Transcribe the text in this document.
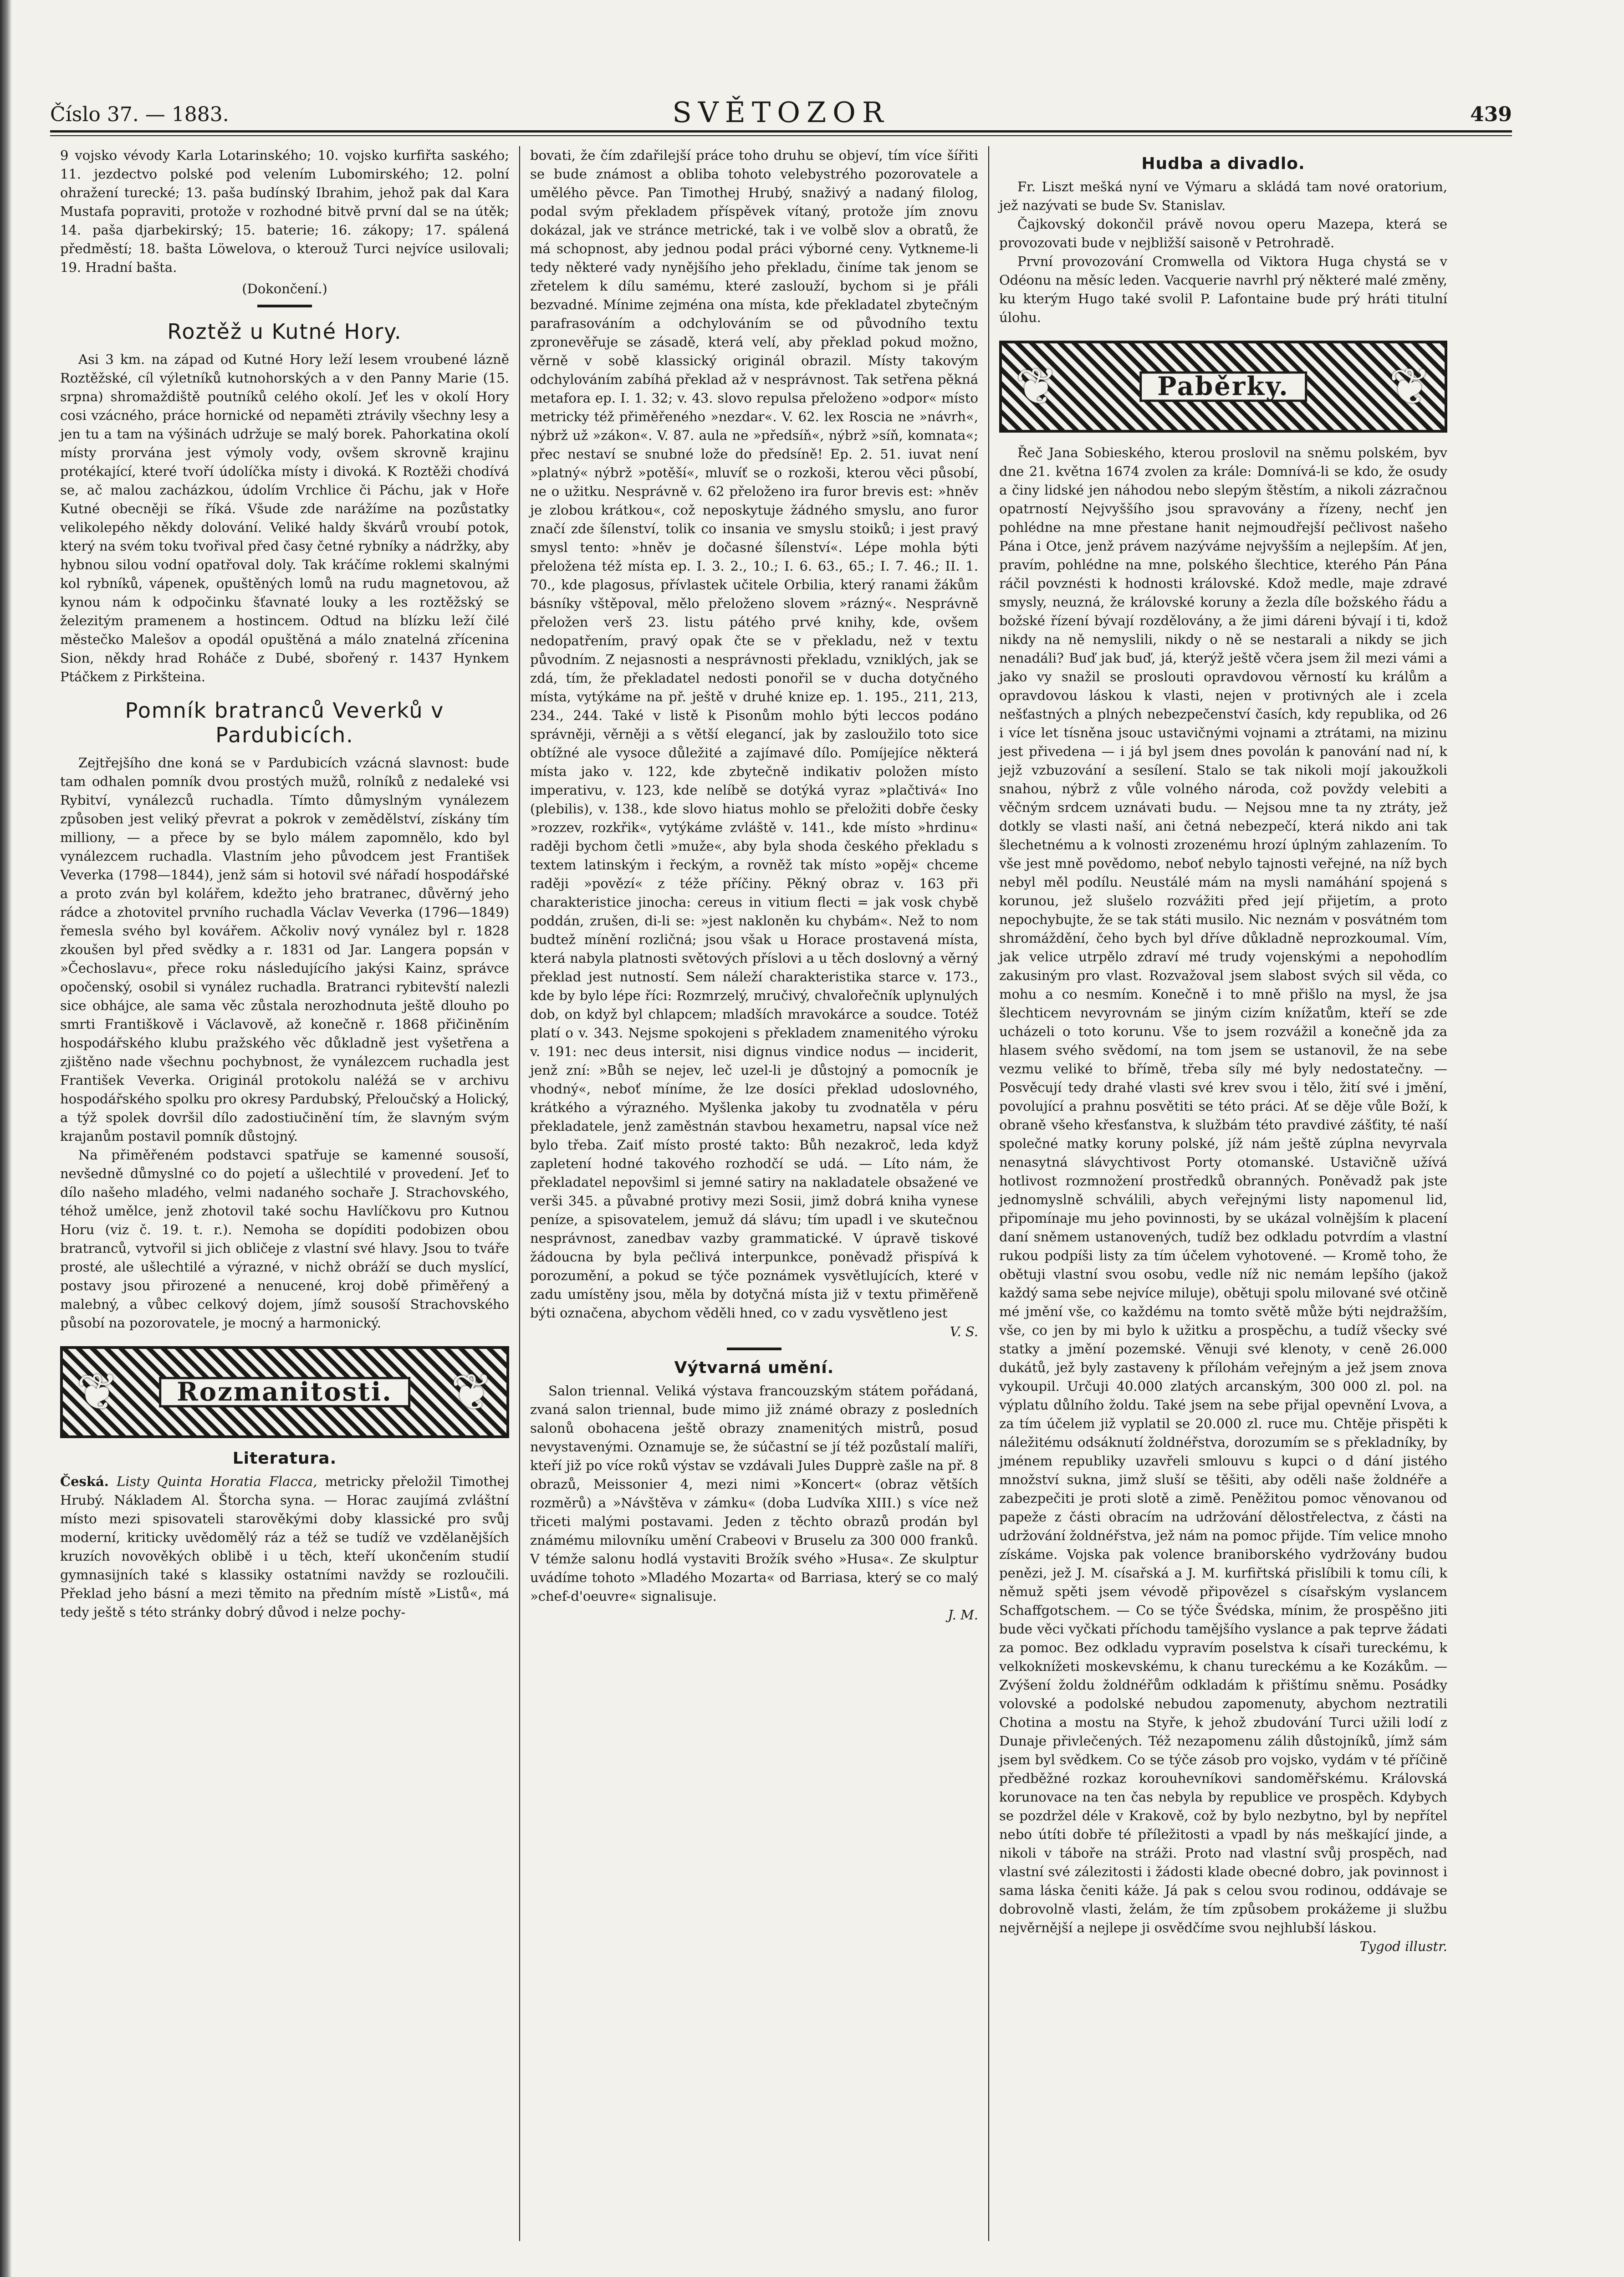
Číslo 37. — 1883.	SVĚTOZOR	439

9 vojsko vévody Karla Lotarinského; 10. vojsko kurfiřta saského; 11. jezdectvo polské pod velením Lubomirského; 12. polní ohražení turecké; 13. paša budínský Ibrahim, jehož pak dal Kara Mustafa popraviti, protože v rozhodné bitvě první dal se na útěk; 14. paša djarbekirský; 15. baterie; 16. zákopy; 17. spálená předměstí; 18. bašta Löwelova, o kterouž Turci nejvíce usilovali; 19. Hradní bašta.

(Dokončení.)
Roztěž u Kutné Hory.

Asi 3 km. na západ od Kutné Hory leží lesem vroubené lázně Roztěžské, cíl výletníků kutnohorských a v den Panny Marie (15. srpna) shromaždiště poutníků celého okolí. Jeť les v okolí Hory cosi vzácného, práce hornické od nepaměti ztrávily všechny lesy a jen tu a tam na výšinách udržuje se malý borek. Pahorkatina okolí místy prorvána jest výmoly vody, ovšem skrovně krajinu protékající, které tvoří údolíčka místy i divoká. K Roztěži chodívá se, ač malou zacházkou, údolím Vrchlice či Páchu, jak v Hoře Kutné obecněji se říká. Všude zde narážíme na pozůstatky velikolepého někdy dolování. Veliké haldy škvárů vroubí potok, který na svém toku tvořival před časy četné rybníky a nádržky, aby hybnou silou vodní opatřoval doly. Tak kráčíme roklemi skalnými kol rybníků, vápenek, opuštěných lomů na rudu magnetovou, až kynou nám k odpočinku šťavnaté louky a les roztěžský se železitým pramenem a hostincem. Odtud na blízku leží čilé městečko Malešov a opodál opuštěná a málo znatelná zřícenina Sion, někdy hrad Roháče z Dubé, sbořený r. 1437 Hynkem Ptáčkem z Pirkšteina.

Pomník bratranců Veverků v Pardubicích.

Zejtřejšího dne koná se v Pardubicích vzácná slavnost: bude tam odhalen pomník dvou prostých mužů, rolníků z nedaleké vsi Rybitví, vynálezců ruchadla. Tímto důmyslným vynálezem způsoben jest veliký převrat a pokrok v zemědělství, získány tím milliony, — a přece by se bylo málem zapomnělo, kdo byl vynálezcem ruchadla. Vlastním jeho původcem jest František Veverka (1798—1844), jenž sám si hotovil své nářadí hospodářské a proto zván byl kolářem, kdežto jeho bratranec, důvěrný jeho rádce a zhotovitel prvního ruchadla Václav Veverka (1796—1849) řemesla svého byl kovářem. Ačkoliv nový vynález byl r. 1828 zkoušen byl před svědky a r. 1831 od Jar. Langera popsán v »Čechoslavu«, přece roku následujícího jakýsi Kainz, správce opočenský, osobil si vynález ruchadla. Bratranci rybitevští nalezli sice obhájce, ale sama věc zůstala nerozhodnuta ještě dlouho po smrti Františkově i Václavově, až konečně r. 1868 přičiněním hospodářského klubu pražského věc důkladně jest vyšetřena a zjištěno nade všechnu pochybnost, že vynálezcem ruchadla jest František Veverka. Originál protokolu naléžá se v archivu hospodářského spolku pro okresy Pardubský, Přeloučský a Holický, a týž spolek dovršil dílo zadostiučinění tím, že slavným svým krajanům postavil pomník důstojný.

Na přiměřeném podstavci spatřuje se kamenné sousoší, nevšedně důmyslné co do pojetí a ušlechtilé v provedení. Jeť to dílo našeho mladého, velmi nadaného sochaře J. Strachovského, téhož umělce, jenž zhotovil také sochu Havlíčkovu pro Kutnou Horu (viz č. 19. t. r.). Nemoha se dopíditi podobizen obou bratranců, vytvořil si jich obličeje z vlastní své hlavy. Jsou to tváře prosté, ale ušlechtilé a výrazné, v nichž obráží se duch myslící, postavy jsou přirozené a nenucené, kroj době přiměřený a malebný, a vůbec celkový dojem, jímž sousoší Strachovského působí na pozorovatele, je mocný a harmonický.

❦	Rozmanitosti.	❦
Literatura.

Česká. Listy Quinta Horatia Flacca, metricky přeložil Timothej Hrubý. Nákladem Al. Štorcha syna. — Horac zaujímá zvláštní místo mezi spisovateli starověkými doby klassické pro svůj moderní, kriticky uvědomělý ráz a též se tudíž ve vzdělanějších kruzích novověkých oblibě i u těch, kteří ukončením studií gymnasijních také s klassiky ostatními navždy se rozloučili. Překlad jeho básní a mezi těmito na předním místě »Listů«, má tedy ještě s této stránky dobrý důvod i nelze pochy-

bovati, že čím zdařilejší práce toho druhu se objeví, tím více šířiti se bude známost a obliba tohoto velebystrého pozorovatele a umělého pěvce. Pan Timothej Hrubý, snaživý a nadaný filolog, podal svým překladem příspěvek vítaný, protože jím znovu dokázal, jak ve stránce metrické, tak i ve volbě slov a obratů, že má schopnost, aby jednou podal práci výborné ceny. Vytkneme-li tedy některé vady nynějšího jeho překladu, činíme tak jenom se zřetelem k dílu samému, které zaslouží, bychom si je přáli bezvadné. Mínime zejména ona místa, kde překladatel zbytečným parafrasováním a odchylováním se od původního textu zpronevěřuje se zásadě, která velí, aby překlad pokud možno, věrně v sobě klassický originál obrazil. Místy takovým odchylováním zabíhá překlad až v nesprávnost. Tak setřena pěkná metafora ep. I. 1. 32; v. 43. slovo repulsa přeloženo »odpor« místo metricky též přiměřeného »nezdar«. V. 62. lex Roscia ne »návrh«, nýbrž už »zákon«. V. 87. aula ne »předsíň«, nýbrž »síň, komnata«; přec nestaví se snubné lože do předsíně! Ep. 2. 51. iuvat není »platný« nýbrž »potěší«, mluvíť se o rozkoši, kterou věci působí, ne o užitku. Nesprávně v. 62 přeloženo ira furor brevis est: »hněv je zlobou krátkou«, což neposkytuje žádného smyslu, ano furor značí zde šílenství, tolik co insania ve smyslu stoiků; i jest pravý smysl tento: »hněv je dočasné šílenství«. Lépe mohla býti přeložena též místa ep. I. 3. 2., 10.; I. 6. 63., 65.; I. 7. 46.; II. 1. 70., kde plagosus, přívlastek učitele Orbilia, který ranami žákům básníky vštěpoval, mělo přeloženo slovem »rázný«. Nesprávně přeložen verš 23. listu pátého prvé knihy, kde, ovšem nedopatřením, pravý opak čte se v překladu, než v textu původním. Z nejasnosti a nesprávnosti překladu, vzniklých, jak se zdá, tím, že překladatel nedosti ponořil se v ducha dotyčného místa, vytýkáme na př. ještě v druhé knize ep. 1. 195., 211, 213, 234., 244. Také v listě k Pisonům mohlo býti leccos podáno správněji, věrněji a s větší elegancí, jak by zasloužilo toto sice obtížné ale vysoce důležité a zajímavé dílo. Pomíjejíce některá místa jako v. 122, kde zbytečně indikativ položen místo imperativu, v. 123, kde nelíbě se dotýká vyraz »plačtivá« Ino (plebilis), v. 138., kde slovo hiatus mohlo se přeložiti dobře česky »rozzev, rozkřik«, vytýkáme zvláště v. 141., kde místo »hrdinu« raději bychom četli »muže«, aby byla shoda českého překladu s textem latinským i řeckým, a rovněž tak místo »opěj« chceme raději »povězí« z téže příčiny. Pěkný obraz v. 163 při charakteristice jinocha: cereus in vitium flecti = jak vosk chybě poddán, zrušen, di-li se: »jest nakloněn ku chybám«. Než to nom budtež mínění rozličná; jsou však u Horace prostavená místa, která nabyla platnosti světových příslovi a u těch doslovný a věrný překlad jest nutností. Sem náleží charakteristika starce v. 173., kde by bylo lépe říci: Rozmrzelý, mručivý, chvalořečník uplynulých dob, on když byl chlapcem; mladších mravokárce a soudce. Totéž platí o v. 343. Nejsme spokojeni s překladem znamenitého výroku v. 191: nec deus intersit, nisi dignus vindice nodus — inciderit, jenž zní: »Bůh se nejev, leč uzel-li je důstojný a pomocník je vhodný«, neboť míníme, že lze dosíci překlad udoslovného, krátkého a výrazného. Myšlenka jakoby tu zvodnatěla v péru překladatele, jenž zaměstnán stavbou hexametru, napsal více než bylo třeba. Zaiť místo prosté takto: Bůh nezakroč, leda když zapletení hodné takového rozhodčí se udá. — Líto nám, že překladatel nepovšiml si jemné satiry na nakladatele obsažené ve verši 345. a půvabné protivy mezi Sosii, jimž dobrá kniha vynese peníze, a spisovatelem, jemuž dá slávu; tím upadl i ve skutečnou nesprávnost, zanedbav vazby grammatické. V úpravě tiskové žádoucna by byla pečlivá interpunkce, poněvadž přispívá k porozumění, a pokud se týče poznámek vysvětlujících, které v zadu umístěny jsou, měla by dotyčná místa již v textu přiměřeně býti označena, abychom věděli hned, co v zadu vysvětleno jest

V. S.
Výtvarná umění.

Salon triennal. Veliká výstava francouzským státem pořádaná, zvaná salon triennal, bude mimo již známé obrazy z posledních salonů obohacena ještě obrazy znamenitých mistrů, posud nevystavenými. Oznamuje se, že súčastní se jí též pozůstalí malíři, kteří již po více roků výstav se vzdávali Jules Dupprè zašle na př. 8 obrazů, Meissonier 4, mezi nimi »Koncert« (obraz větších rozměrů) a »Návštěva v zámku« (doba Ludvíka XIII.) s více než třiceti malými postavami. Jeden z těchto obrazů prodán byl známému milovníku umění Crabeovi v Bruselu za 300 000 franků. V témže salonu hodlá vystaviti Brožík svého »Husa«. Ze skulptur uvádíme tohoto »Mladého Mozarta« od Barriasa, který se co malý »chef-d'oeuvre« signalisuje.

J. M.
Hudba a divadlo.

Fr. Liszt mešká nyní ve Výmaru a skládá tam nové oratorium, jež nazývati se bude Sv. Stanislav.

Čajkovský dokončil právě novou operu Mazepa, která se provozovati bude v nejbližší saisoně v Petrohradě.

První provozování Cromwella od Viktora Huga chystá se v Odéonu na měsíc leden. Vacquerie navrhl prý některé malé změny, ku kterým Hugo také svolil P. Lafontaine bude prý hráti titulní úlohu.

❦	Paběrky.	❦

Řeč Jana Sobieského, kterou proslovil na sněmu polském, byv dne 21. května 1674 zvolen za krále: Domnívá-li se kdo, že osudy a činy lidské jen náhodou nebo slepým štěstím, a nikoli zázračnou opatrností Nejvyššího jsou spravovány a řízeny, nechť jen pohlédne na mne přestane hanit nejmoudřejší pečlivost našeho Pána i Otce, jenž právem nazýváme nejvyšším a nejlepším. Ať jen, pravím, pohlédne na mne, polského šlechtice, kterého Pán Pána ráčil povznésti k hodnosti královské. Kdož medle, maje zdravé smysly, neuzná, že královské koruny a žezla díle božského řádu a božské řízení bývají rozdělovány, a že jimi dáreni bývají i ti, kdož nikdy na ně nemyslili, nikdy o ně se nestarali a nikdy se jich nenadáli? Buď jak buď, já, kterýž ještě včera jsem žil mezi vámi a jako vy snažil se proslouti opravdovou věrností ku králům a opravdovou láskou k vlasti, nejen v protivných ale i zcela nešťastných a plných nebezpečenství časích, kdy republika, od 26 i více let tísněna jsouc ustavičnými vojnami a ztrátami, na mizinu jest přivedena — i já byl jsem dnes povolán k panování nad ní, k jejž vzbuzování a sesílení. Stalo se tak nikoli mojí jakoužkoli snahou, nýbrž z vůle volného národa, což povždy velebiti a věčným srdcem uznávati budu. — Nejsou mne ta ny ztráty, jež dotkly se vlasti naší, ani četná nebezpečí, která nikdo ani tak šlechetnému a k volnosti zrozenému hrozí úplným zahlazením. To vše jest mně povědomo, neboť nebylo tajnosti veřejné, na níž bych nebyl měl podílu. Neustálé mám na mysli namáhání spojená s korunou, jež slušelo rozvážiti před její přijetím, a proto nepochybujte, že se tak státi musilo. Nic neznám v posvátném tom shromáždění, čeho bych byl dříve důkladně neprozkoumal. Vím, jak velice utrpělo zdraví mé trudy vojenskými a nepohodlím zakusiným pro vlast. Rozvažoval jsem slabost svých sil věda, co mohu a co nesmím. Konečně i to mně přišlo na mysl, že jsa šlechticem nevyrovnám se jiným cizím knížatům, kteří se zde ucházeli o toto korunu. Vše to jsem rozvážil a konečně jda za hlasem svého svědomí, na tom jsem se ustanovil, že na sebe vezmu veliké to břímě, třeba síly mé byly nedostatečny. — Posvěcují tedy drahé vlasti své krev svou i tělo, žití své i jmění, povolující a prahnu posvětiti se této práci. Ať se děje vůle Boží, k obraně všeho křesťanstva, k službám této pravdivé zášťity, té naší společné matky koruny polské, jíž nám ještě zúplna nevyrvala nenasytná slávychtivost Porty otomanské. Ustavičně užívá hotlivost rozmnožení prostředků obranných. Poněvadž pak jste jednomyslně schválili, abych veřejnými listy napomenul lid, připomínaje mu jeho povinnosti, by se ukázal volnějším k placení daní sněmem ustanovených, tudíž bez odkladu potvrdím a vlastní rukou podpíši listy za tím účelem vyhotovené. — Kromě toho, že obětuji vlastní svou osobu, vedle níž nic nemám lepšího (jakož každý sama sebe nejvíce miluje), obětuji spolu milované své otčině mé jmění vše, co každému na tomto světě může býti nejdražším, vše, co jen by mi bylo k užitku a prospěchu, a tudíž všecky své statky a jmění pozemské. Věnuji své klenoty, v ceně 26.000 dukátů, jež byly zastaveny k přílohám veřejným a jež jsem znova vykoupil. Určuji 40.000 zlatých arcanským, 300 000 zl. pol. na výplatu důlního žoldu. Také jsem na sebe přijal opevnění Lvova, a za tím účelem již vyplatil se 20.000 zl. ruce mu. Chtěje přispěti k náležitému odsáknutí žoldnéřstva, dorozumím se s překladníky, by jménem republiky uzavřeli smlouvu s kupci o d dání jistého množství sukna, jimž sluší se těšiti, aby oděli naše žoldnéře a zabezpečiti je proti slotě a zimě. Peněžitou pomoc věnovanou od papeže z části obracím na udržování dělostřelectva, z části na udržování žoldnéřstva, jež nám na pomoc přijde. Tím velice mnoho získáme. Vojska pak volence braniborského vydržovány budou penězi, jež J. M. císařská a J. M. kurfiřtská přislíbili k tomu cíli, k němuž spěti jsem vévodě připovězel s císařským vyslancem Schaffgotschem. — Co se týče Švédska, mínim, že prospěšno jiti bude věci vyčkati příchodu tamějšího vyslance a pak teprve žádati za pomoc. Bez odkladu vypravím poselstva k císaři tureckému, k velkoknížeti moskevskému, k chanu tureckému a ke Kozákům. — Zvýšení žoldu žoldnéřům odkladám k přištímu sněmu. Posádky volovské a podolské nebudou zapomenuty, abychom neztratili Chotina a mostu na Styře, k jehož zbudování Turci užili lodí z Dunaje přivlečených. Též nezapomenu zálih důstojníků, jímž sám jsem byl svědkem. Co se týče zásob pro vojsko, vydám v té příčině předběžné rozkaz korouhevníkovi sandoměřskému. Královská korunovace na ten čas nebyla by republice ve prospěch. Kdybych se pozdržel déle v Krakově, což by bylo nezbytno, byl by nepřítel nebo útíti dobře té příležitosti a vpadl by nás meškající jinde, a nikoli v táboře na stráži. Proto nad vlastní svůj prospěch, nad vlastní své zálezitosti i žádosti klade obecné dobro, jak povinnost i sama láska čeniti káže. Já pak s celou svou rodinou, oddávaje se dobrovolně vlasti, želám, že tím způsobem prokážeme ji službu nejvěrnější a nejlepe ji osvědčíme svou nejhlubší láskou.

Tygod illustr.
